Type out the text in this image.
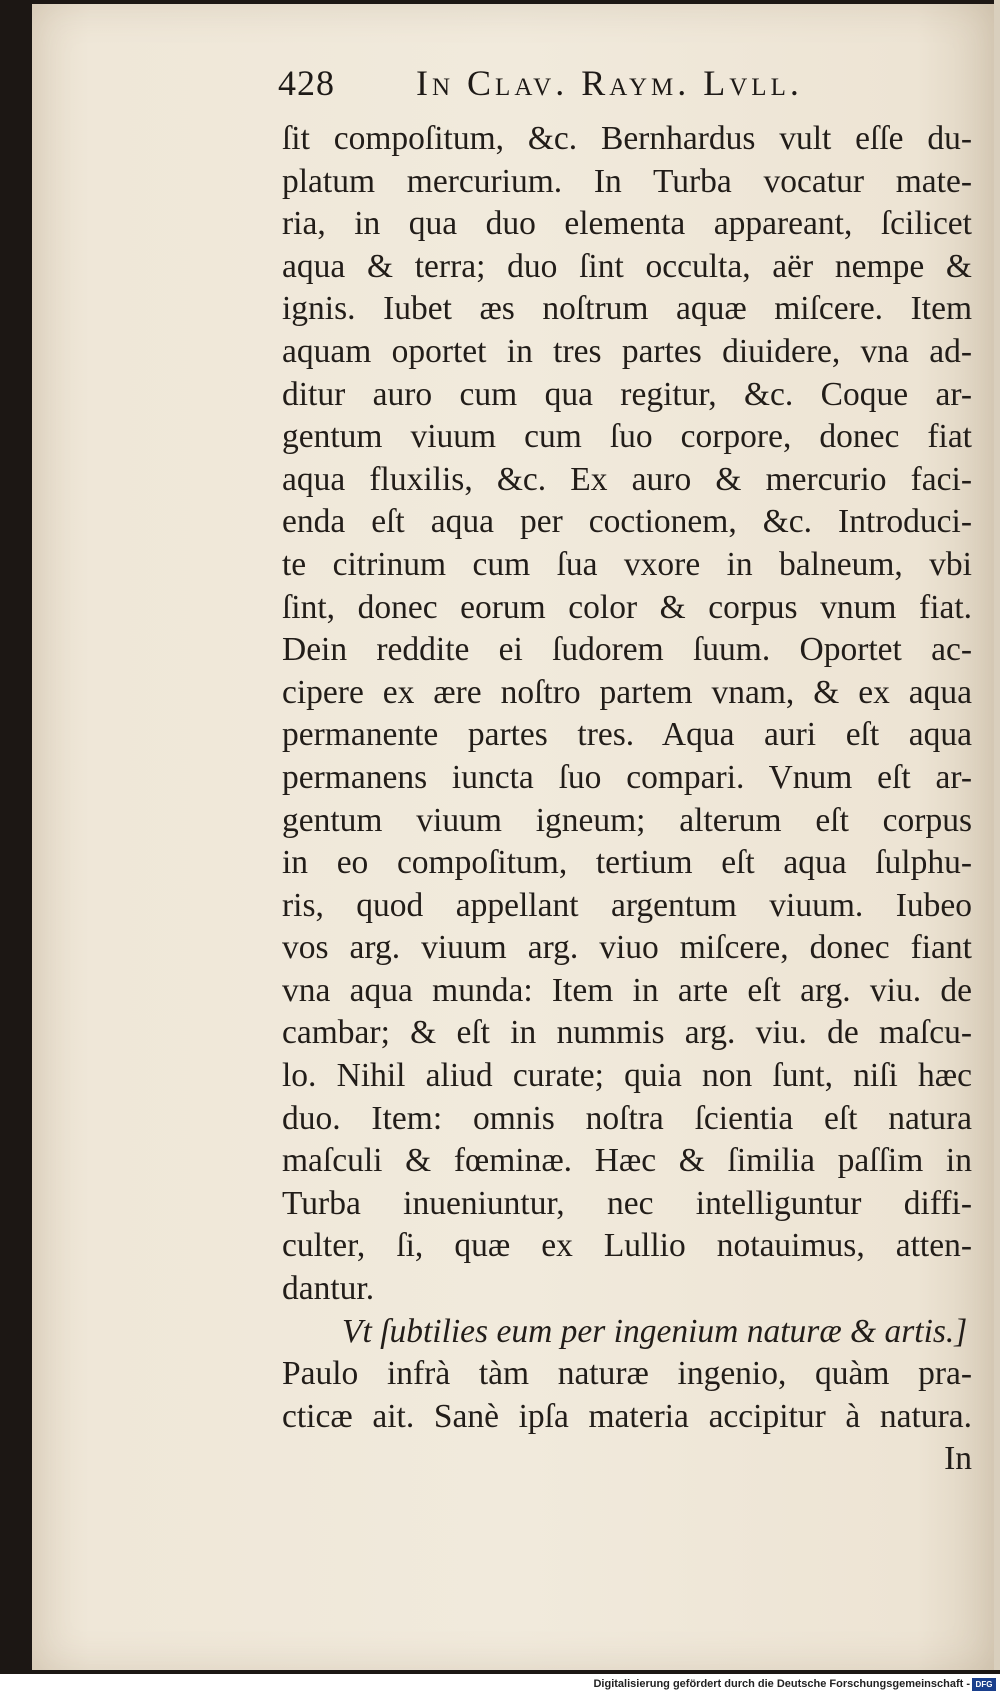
428 In Clav. Raym. Lvll.
ſit compoſitum, &c. Bernhardus vult eſſe du-
platum mercurium. In Turba vocatur mate-
ria, in qua duo elementa appareant, ſcilicet
aqua & terra; duo ſint occulta, aër nempe &
ignis. Iubet æs noſtrum aquæ miſcere. Item
aquam oportet in tres partes diuidere, vna ad-
ditur auro cum qua regitur, &c. Coque ar-
gentum viuum cum ſuo corpore, donec fiat
aqua fluxilis, &c. Ex auro & mercurio faci-
enda eſt aqua per coctionem, &c. Introduci-
te citrinum cum ſua vxore in balneum, vbi
ſint, donec eorum color & corpus vnum fiat.
Dein reddite ei ſudorem ſuum. Oportet ac-
cipere ex ære noſtro partem vnam, & ex aqua
permanente partes tres. Aqua auri eſt aqua
permanens iuncta ſuo compari. Vnum eſt ar-
gentum viuum igneum; alterum eſt corpus
in eo compoſitum, tertium eſt aqua ſulphu-
ris, quod appellant argentum viuum. Iubeo
vos arg. viuum arg. viuo miſcere, donec fiant
vna aqua munda: Item in arte eſt arg. viu. de
cambar; & eſt in nummis arg. viu. de maſcu-
lo. Nihil aliud curate; quia non ſunt, niſi hæc
duo. Item: omnis noſtra ſcientia eſt natura
maſculi & fœminæ. Hæc & ſimilia paſſim in
Turba inueniuntur, nec intelliguntur diffi-
culter, ſi, quæ ex Lullio notauimus, atten-
dantur.
Vt ſubtilies eum per ingenium naturæ & artis.]
Paulo infrà tàm naturæ ingenio, quàm pra-
cticæ ait. Sanè ipſa materia accipitur à natura.
In
Digitalisierung gefördert durch die Deutsche Forschungsgemeinschaft - DFG
